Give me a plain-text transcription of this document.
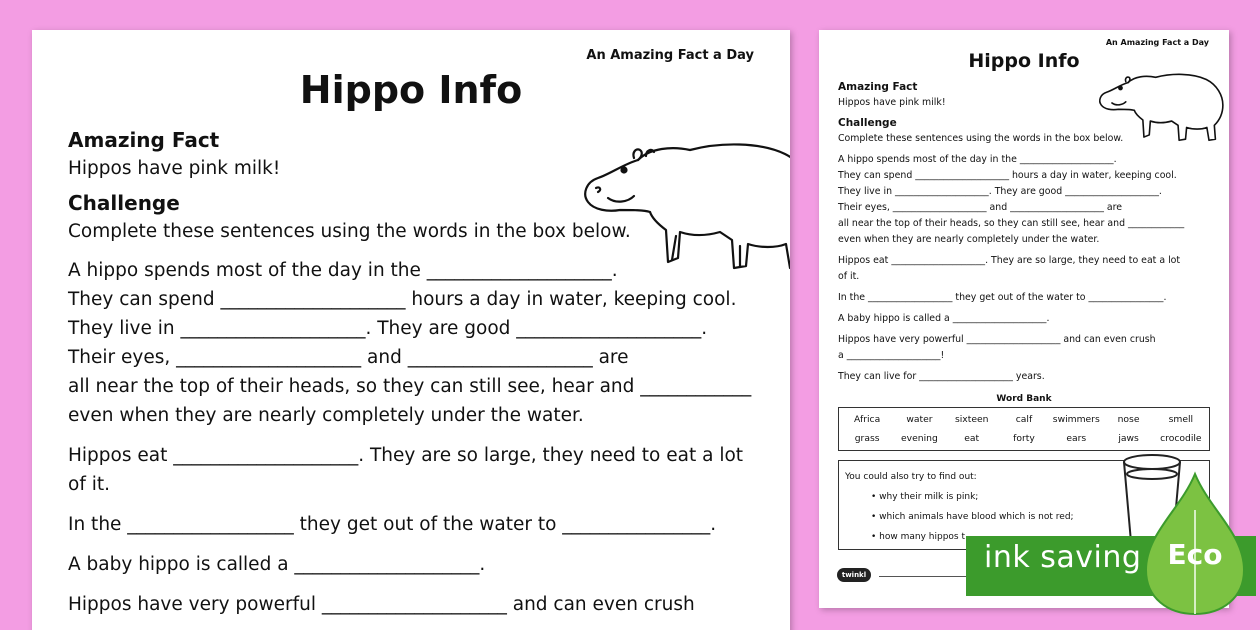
An Amazing Fact a Day
Hippo Info
Amazing Fact
Hippos have pink milk!
Challenge
Complete these sentences using the words in the box below.
A hippo spends most of the day in the ____________________.
They can spend ____________________ hours a day in water, keeping cool.
They live in ____________________. They are good ____________________.
Their eyes, ____________________ and ____________________ are
all near the top of their heads, so they can still see, hear and ____________
even when they are nearly completely under the water.
Hippos eat ____________________. They are so large, they need to eat a lot
of it.
In the __________________ they get out of the water to ________________.
A baby hippo is called a ____________________.
Hippos have very powerful ____________________ and can even crush
An Amazing Fact a Day
Hippo Info
Amazing Fact
Hippos have pink milk!
Challenge
Complete these sentences using the words in the box below.
A hippo spends most of the day in the ____________________.
They can spend ____________________ hours a day in water, keeping cool.
They live in ____________________. They are good ____________________.
Their eyes, ____________________ and ____________________ are
all near the top of their heads, so they can still see, hear and ____________
even when they are nearly completely under the water.
Hippos eat ____________________. They are so large, they need to eat a lot
of it.
In the __________________ they get out of the water to ________________.
A baby hippo is called a ____________________.
Hippos have very powerful ____________________ and can even crush
a ____________________!
They can live for ____________________ years.
Word Bank
Africa	water	sixteen	calf	swimmers	nose	smell
grass	evening	eat	forty	ears	jaws	crocodile
You could also try to find out:
• why their milk is pink;
• which animals have blood which is not red;
• how many hippos t
twinkl	ink saving Eco
